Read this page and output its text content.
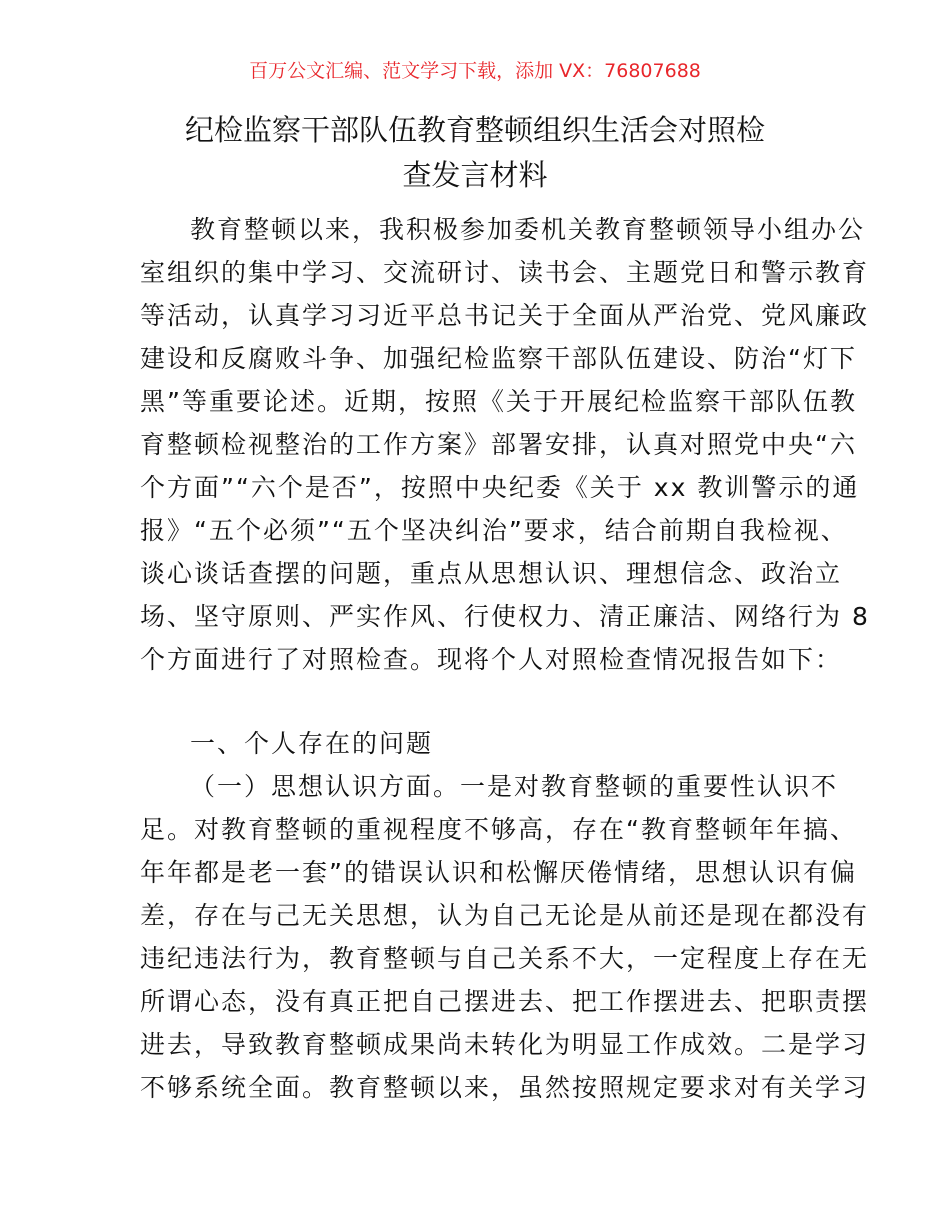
百万公文汇编、范文学习下载，添加 VX：76807688
纪检监察干部队伍教育整顿组织生活会对照检
查发言材料
教育整顿以来，我积极参加委机关教育整顿领导小组办公
室组织的集中学习、交流研讨、读书会、主题党日和警示教育
等活动，认真学习习近平总书记关于全面从严治党、党风廉政
建设和反腐败斗争、加强纪检监察干部队伍建设、防治“灯下
黑”等重要论述。近期，按照《关于开展纪检监察干部队伍教
育整顿检视整治的工作方案》部署安排，认真对照党中央“六
个方面”“六个是否”，按照中央纪委《关于 xx 教训警示的通
报》“五个必须”“五个坚决纠治”要求，结合前期自我检视、
谈心谈话查摆的问题，重点从思想认识、理想信念、政治立
场、坚守原则、严实作风、行使权力、清正廉洁、网络行为 8
个方面进行了对照检查。现将个人对照检查情况报告如下：
一、个人存在的问题
（一）思想认识方面。一是对教育整顿的重要性认识不
足。对教育整顿的重视程度不够高，存在“教育整顿年年搞、
年年都是老一套”的错误认识和松懈厌倦情绪，思想认识有偏
差，存在与己无关思想，认为自己无论是从前还是现在都没有
违纪违法行为，教育整顿与自己关系不大，一定程度上存在无
所谓心态，没有真正把自己摆进去、把工作摆进去、把职责摆
进去，导致教育整顿成果尚未转化为明显工作成效。二是学习
不够系统全面。教育整顿以来，虽然按照规定要求对有关学习
